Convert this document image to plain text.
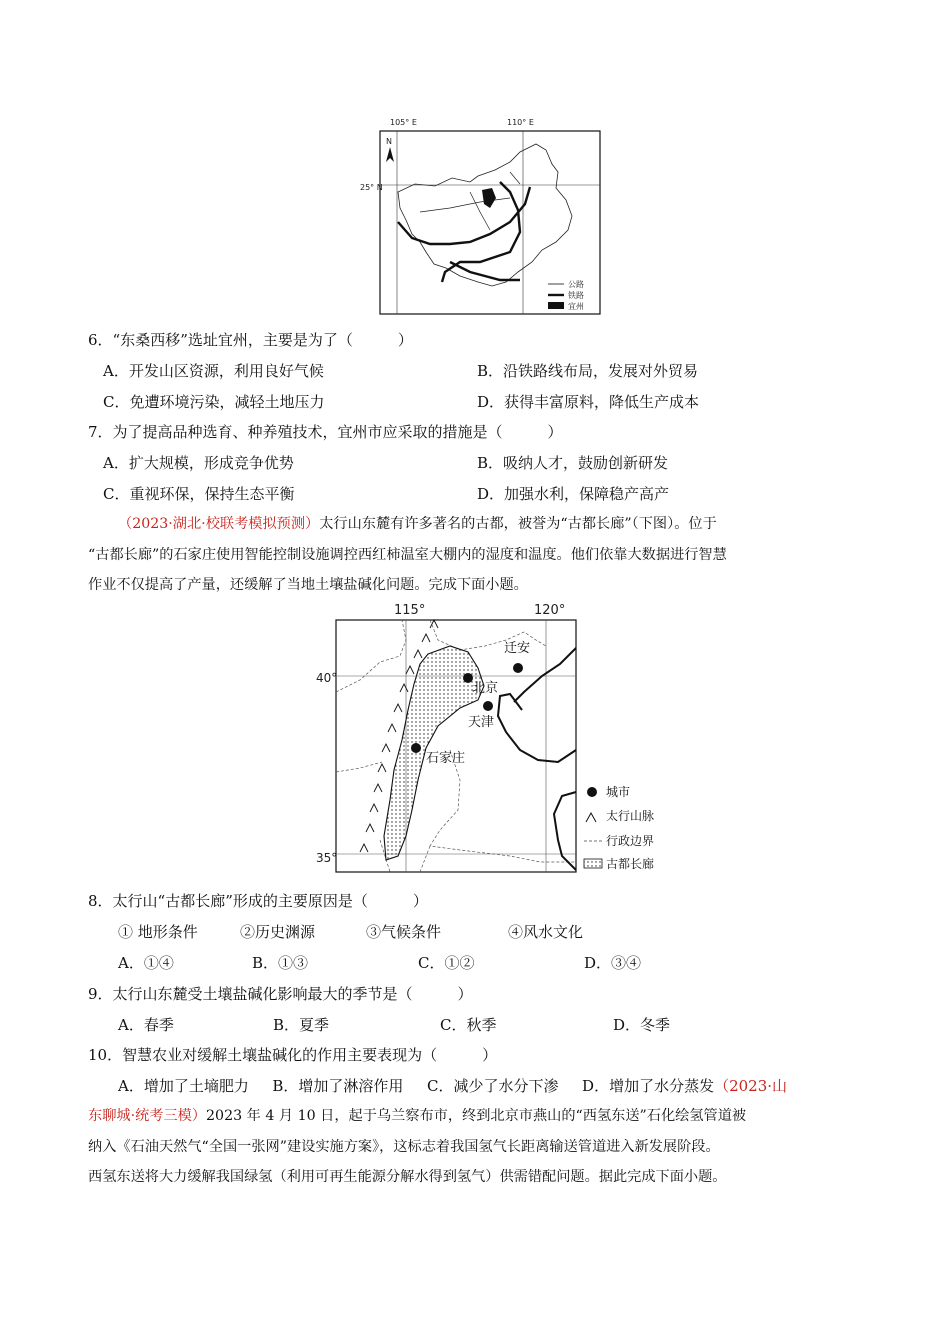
105° E	110° E
25° N
N
公路
铁路
宜州
6．“东桑西移”选址宜州，主要是为了（　　　）
A．开发山区资源，利用良好气候	B．沿铁路线布局，发展对外贸易
C．免遭环境污染，减轻土地压力	D．获得丰富原料，降低生产成本
7．为了提高品种选育、种养殖技术，宜州市应采取的措施是（　　　）
A．扩大规模，形成竞争优势	B．吸纳人才，鼓励创新研发
C．重视环保，保持生态平衡	D．加强水利，保障稳产高产
（2023·湖北·校联考模拟预测）太行山东麓有许多著名的古都，被誉为“古都长廊”（下图）。位于
“古都长廊”的石家庄使用智能控制设施调控西红柿温室大棚内的湿度和温度。他们依靠大数据进行智慧
作业不仅提高了产量，还缓解了当地土壤盐碱化问题。完成下面小题。
115°	120°
40°
35°
迁安
北京
天津
石家庄
城市
太行山脉
行政边界
古都长廊
8．太行山“古都长廊”形成的主要原因是（　　　）
① 地形条件	②历史渊源	③气候条件	④风水文化
A．①④	B．①③	C．①②	D．③④
9．太行山东麓受土壤盐碱化影响最大的季节是（　　　）
A．春季	B．夏季	C．秋季	D．冬季
10．智慧农业对缓解土壤盐碱化的作用主要表现为（　　　）
A．增加了土墒肥力 B．增加了淋溶作用 C．减少了水分下渗 D．增加了水分蒸发（2023·山
东聊城·统考三模）2023 年 4 月 10 日，起于乌兰察布市，终到北京市燕山的“西氢东送”石化绘氢管道被
纳入《石油天然气“全国一张网”建设实施方案》，这标志着我国氢气长距离输送管道进入新发展阶段。
西氢东送将大力缓解我国绿氢（利用可再生能源分解水得到氢气）供需错配问题。据此完成下面小题。
